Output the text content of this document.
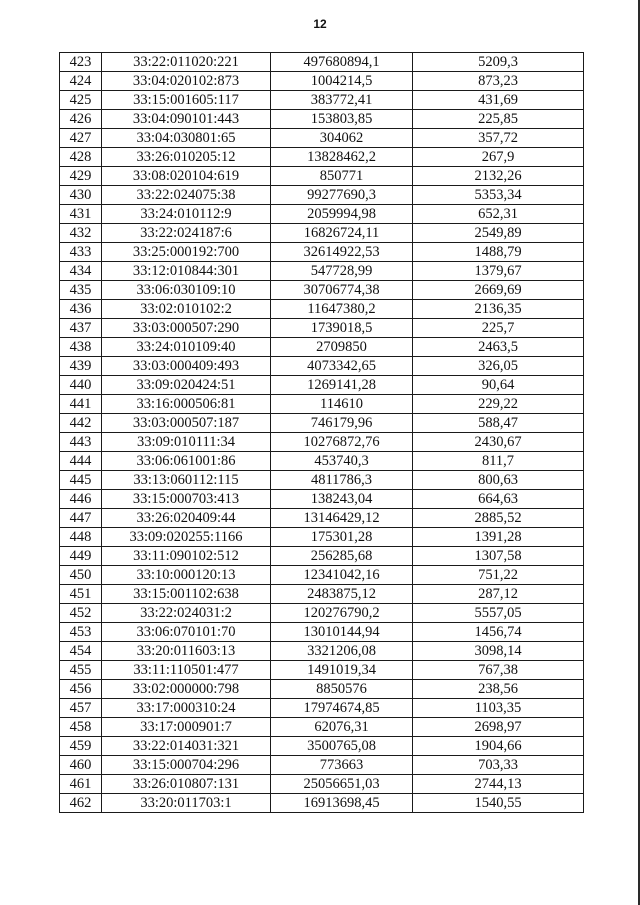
12
423	33:22:011020:221	497680894,1	5209,3
424	33:04:020102:873	1004214,5	873,23
425	33:15:001605:117	383772,41	431,69
426	33:04:090101:443	153803,85	225,85
427	33:04:030801:65	304062	357,72
428	33:26:010205:12	13828462,2	267,9
429	33:08:020104:619	850771	2132,26
430	33:22:024075:38	99277690,3	5353,34
431	33:24:010112:9	2059994,98	652,31
432	33:22:024187:6	16826724,11	2549,89
433	33:25:000192:700	32614922,53	1488,79
434	33:12:010844:301	547728,99	1379,67
435	33:06:030109:10	30706774,38	2669,69
436	33:02:010102:2	11647380,2	2136,35
437	33:03:000507:290	1739018,5	225,7
438	33:24:010109:40	2709850	2463,5
439	33:03:000409:493	4073342,65	326,05
440	33:09:020424:51	1269141,28	90,64
441	33:16:000506:81	114610	229,22
442	33:03:000507:187	746179,96	588,47
443	33:09:010111:34	10276872,76	2430,67
444	33:06:061001:86	453740,3	811,7
445	33:13:060112:115	4811786,3	800,63
446	33:15:000703:413	138243,04	664,63
447	33:26:020409:44	13146429,12	2885,52
448	33:09:020255:1166	175301,28	1391,28
449	33:11:090102:512	256285,68	1307,58
450	33:10:000120:13	12341042,16	751,22
451	33:15:001102:638	2483875,12	287,12
452	33:22:024031:2	120276790,2	5557,05
453	33:06:070101:70	13010144,94	1456,74
454	33:20:011603:13	3321206,08	3098,14
455	33:11:110501:477	1491019,34	767,38
456	33:02:000000:798	8850576	238,56
457	33:17:000310:24	17974674,85	1103,35
458	33:17:000901:7	62076,31	2698,97
459	33:22:014031:321	3500765,08	1904,66
460	33:15:000704:296	773663	703,33
461	33:26:010807:131	25056651,03	2744,13
462	33:20:011703:1	16913698,45	1540,55
